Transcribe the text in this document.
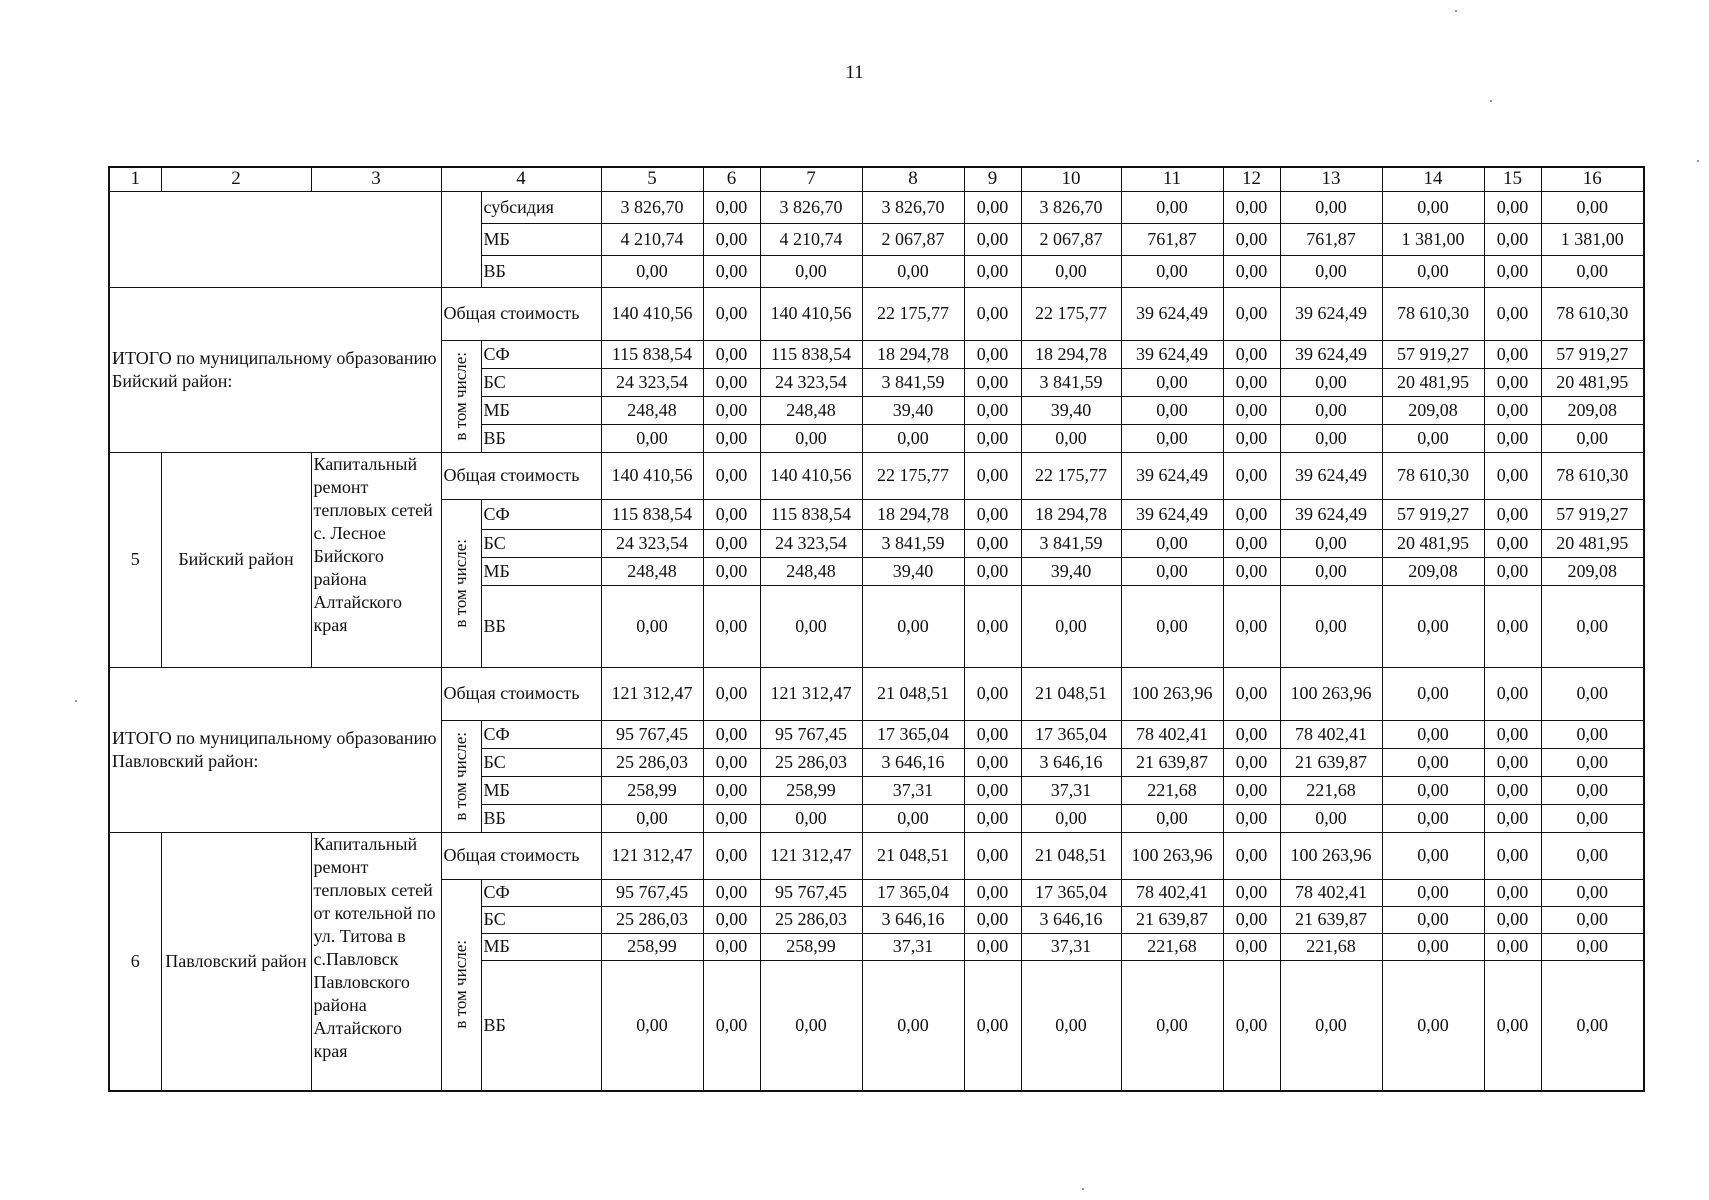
11
1	2	3	4		5	6	7	8	9	10	11	12	13	14	15	16
				субсидия	3 826,70	0,00	3 826,70	3 826,70	0,00	3 826,70	0,00	0,00	0,00	0,00	0,00	0,00
				МБ	4 210,74	0,00	4 210,74	2 067,87	0,00	2 067,87	761,87	0,00	761,87	1 381,00	0,00	1 381,00
				ВБ	0,00	0,00	0,00	0,00	0,00	0,00	0,00	0,00	0,00	0,00	0,00	0,00
ИТОГО по муниципальному образованию Бийский район:			Общая стоимость		140 410,56	0,00	140 410,56	22 175,77	0,00	22 175,77	39 624,49	0,00	39 624,49	78 610,30	0,00	78 610,30

			в том числе:	СФ	115 838,54	0,00	115 838,54	18 294,78	0,00	18 294,78	39 624,49	0,00	39 624,49	57 919,27	0,00	57 919,27
				БС	24 323,54	0,00	24 323,54	3 841,59	0,00	3 841,59	0,00	0,00	0,00	20 481,95	0,00	20 481,95
				МБ	248,48	0,00	248,48	39,40	0,00	39,40	0,00	0,00	0,00	209,08	0,00	209,08
				ВБ	0,00	0,00	0,00	0,00	0,00	0,00	0,00	0,00	0,00	0,00	0,00	0,00
5	Бийский район	Капитальный ремонт тепловых сетей с. Лесное Бийского района Алтайского края	Общая стоимость		140 410,56	0,00	140 410,56	22 175,77	0,00	22 175,77	39 624,49	0,00	39 624,49	78 610,30	0,00	78 610,30

			в том числе:	СФ	115 838,54	0,00	115 838,54	18 294,78	0,00	18 294,78	39 624,49	0,00	39 624,49	57 919,27	0,00	57 919,27
				БС	24 323,54	0,00	24 323,54	3 841,59	0,00	3 841,59	0,00	0,00	0,00	20 481,95	0,00	20 481,95
				МБ	248,48	0,00	248,48	39,40	0,00	39,40	0,00	0,00	0,00	209,08	0,00	209,08
				ВБ	0,00	0,00	0,00	0,00	0,00	0,00	0,00	0,00	0,00	0,00	0,00	0,00
ИТОГО по муниципальному образованию Павловский район:			Общая стоимость		121 312,47	0,00	121 312,47	21 048,51	0,00	21 048,51	100 263,96	0,00	100 263,96	0,00	0,00	0,00

			в том числе:	СФ	95 767,45	0,00	95 767,45	17 365,04	0,00	17 365,04	78 402,41	0,00	78 402,41	0,00	0,00	0,00
				БС	25 286,03	0,00	25 286,03	3 646,16	0,00	3 646,16	21 639,87	0,00	21 639,87	0,00	0,00	0,00
				МБ	258,99	0,00	258,99	37,31	0,00	37,31	221,68	0,00	221,68	0,00	0,00	0,00
				ВБ	0,00	0,00	0,00	0,00	0,00	0,00	0,00	0,00	0,00	0,00	0,00	0,00
6	Павловский район	Капитальный ремонт тепловых сетей от котельной по ул. Титова в с.Павловск Павловского района Алтайского края	Общая стоимость		121 312,47	0,00	121 312,47	21 048,51	0,00	21 048,51	100 263,96	0,00	100 263,96	0,00	0,00	0,00

			в том числе:	СФ	95 767,45	0,00	95 767,45	17 365,04	0,00	17 365,04	78 402,41	0,00	78 402,41	0,00	0,00	0,00
				БС	25 286,03	0,00	25 286,03	3 646,16	0,00	3 646,16	21 639,87	0,00	21 639,87	0,00	0,00	0,00
				МБ	258,99	0,00	258,99	37,31	0,00	37,31	221,68	0,00	221,68	0,00	0,00	0,00
				ВБ	0,00	0,00	0,00	0,00	0,00	0,00	0,00	0,00	0,00	0,00	0,00	0,00
